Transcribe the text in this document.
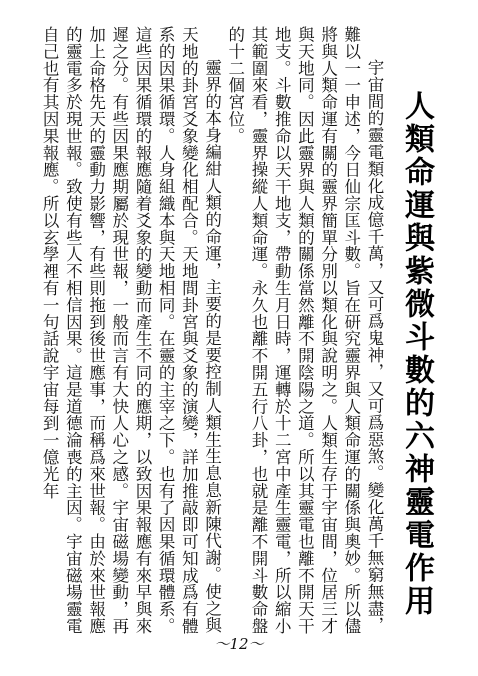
人類命運與紫微斗數的六神靈電作用

宇宙間的靈電類化成億千萬，又可爲鬼神，又可爲惡煞。變化萬千無窮無盡，難以一一申述，今日仙宗匡斗數。旨在研究靈界與人類命運的關係與奧妙。所以儘將與人類命運有關的靈界簡單分別以類化與說明之。人類生存于宇宙間，位居三才與天地同。因此靈界與人類的關係當然離不開陰陽之道。所以其靈電也離不開天干地支。斗數推命以天干地支，帶動生月日時，運轉於十二宮中產生靈電，所以縮小其範圍來看，靈界操縱人類命運。永久也離不開五行八卦，也就是離不開斗數命盤的十二個宮位。

靈界的本身編紺人類的命運，主要的是要控制人類生生息息新陳代謝。使之與天地的卦宮爻象變化相配合。天地間卦宮與爻象的演變，詳加推敲即可知成爲有體系的因果循環。人身組織本與天地相同。在靈的主宰之下。也有了因果循環體系。這些因果循環的報應隨着爻象的變動而產生不同的應期，以致因果報應有來早與來遲之分。有些因果應期屬於現世報，一般而言有大快人心之感。宇宙磁場變動，再加上命格先天的靈動力影響，有些則拖到後世應事，而稱爲來世報。由於來世報應的靈電多於現世報。致使有些人不相信因果。這是道德淪喪的主因。宇宙磁場靈電自己也有其因果報應。所以玄學裡有一句話說宇宙每到一億光年

～12～
